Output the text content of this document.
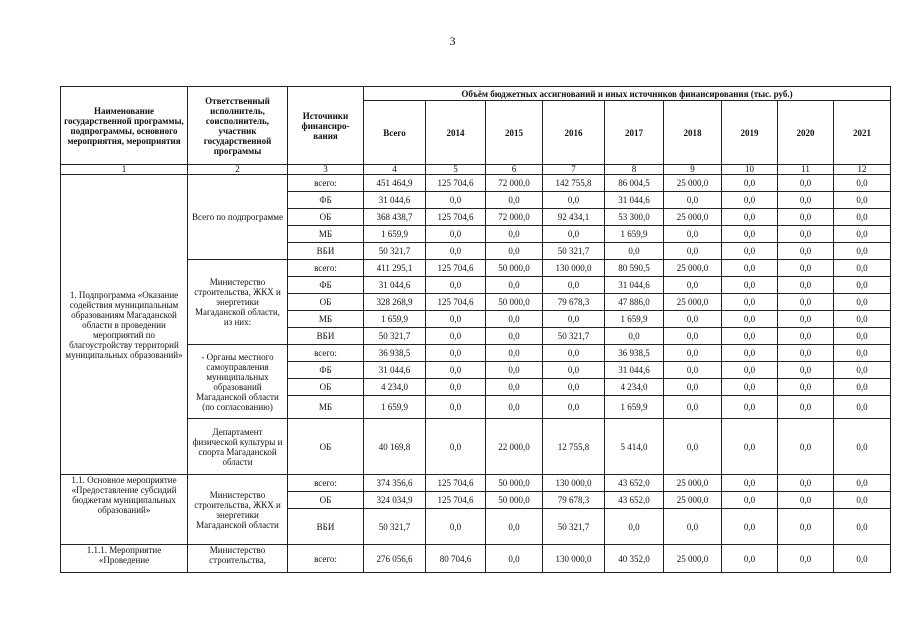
3
Наименование государственной программы, подпрограммы, основного мероприятия, мероприятия	Ответственный исполнитель, соисполнитель, участник государственной программы	Источники финансиро-вания	Объём бюджетных ассигнований и иных источников финансирования (тыс. руб.)								
			Всего	2014	2015	2016	2017	2018	2019	2020	2021
1	2	3	4	5	6	7	8	9	10	11	12
1. Подпрограмма «Оказание содействия муниципальным образованиям Магаданской области в проведении мероприятий по благоустройству территорий муниципальных образований»	Всего по подпрограмме	всего:	451 464,9	125 704,6	72 000,0	142 755,8	86 004,5	25 000,0	0,0	0,0	0,0
		ФБ	31 044,6	0,0	0,0	0,0	31 044,6	0,0	0,0	0,0	0,0
		ОБ	368 438,7	125 704,6	72 000,0	92 434,1	53 300,0	25 000,0	0,0	0,0	0,0
		МБ	1 659,9	0,0	0,0	0,0	1 659,9	0,0	0,0	0,0	0,0
		ВБИ	50 321,7	0,0	0,0	50 321,7	0,0	0,0	0,0	0,0	0,0
	Министерство строительства, ЖКХ и энергетики Магаданской области, из них:	всего:	411 295,1	125 704,6	50 000,0	130 000,0	80 590,5	25 000,0	0,0	0,0	0,0
		ФБ	31 044,6	0,0	0,0	0,0	31 044,6	0,0	0,0	0,0	0,0
		ОБ	328 268,9	125 704,6	50 000,0	79 678,3	47 886,0	25 000,0	0,0	0,0	0,0
		МБ	1 659,9	0,0	0,0	0,0	1 659,9	0,0	0,0	0,0	0,0
		ВБИ	50 321,7	0,0	0,0	50 321,7	0,0	0,0	0,0	0,0	0,0
	- Органы местного самоуправления муниципальных образований Магаданской области (по согласованию)	всего:	36 938,5	0,0	0,0	0,0	36 938,5	0,0	0,0	0,0	0,0
		ФБ	31 044,6	0,0	0,0	0,0	31 044,6	0,0	0,0	0,0	0,0
		ОБ	4 234,0	0,0	0,0	0,0	4 234,0	0,0	0,0	0,0	0,0
		МБ	1 659,9	0,0	0,0	0,0	1 659,9	0,0	0,0	0,0	0,0
	Департамент физической культуры и спорта Магаданской области	ОБ	40 169,8	0,0	22 000,0	12 755,8	5 414,0	0,0	0,0	0,0	0,0
1.1. Основное мероприятие «Предоставление субсидий бюджетам муниципальных образований»	Министерство строительства, ЖКХ и энергетики Магаданской области	всего:	374 356,6	125 704,6	50 000,0	130 000,0	43 652,0	25 000,0	0,0	0,0	0,0
		ОБ	324 034,9	125 704,6	50 000,0	79 678,3	43 652,0	25 000,0	0,0	0,0	0,0
		ВБИ	50 321,7	0,0	0,0	50 321,7	0,0	0,0	0,0	0,0	0,0
1.1.1. Мероприятие «Проведение	Министерство строительства,	всего:	276 056,6	80 704,6	0,0	130 000,0	40 352,0	25 000,0	0,0	0,0	0,0
